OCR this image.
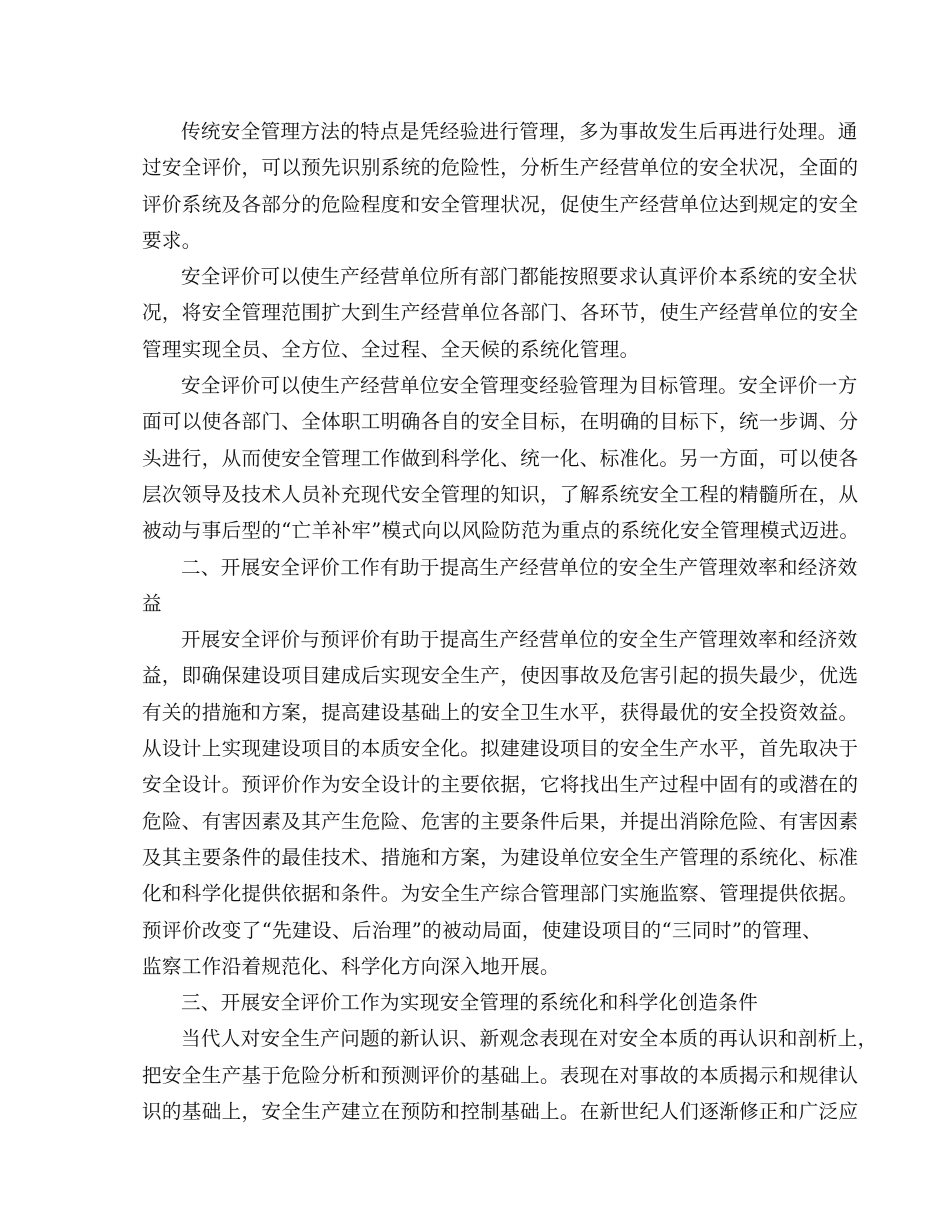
传统安全管理方法的特点是凭经验进行管理，多为事故发生后再进行处理。通
过安全评价，可以预先识别系统的危险性，分析生产经营单位的安全状况，全面的
评价系统及各部分的危险程度和安全管理状况，促使生产经营单位达到规定的安全
要求。
安全评价可以使生产经营单位所有部门都能按照要求认真评价本系统的安全状
况，将安全管理范围扩大到生产经营单位各部门、各环节，使生产经营单位的安全
管理实现全员、全方位、全过程、全天候的系统化管理。
安全评价可以使生产经营单位安全管理变经验管理为目标管理。安全评价一方
面可以使各部门、全体职工明确各自的安全目标，在明确的目标下，统一步调、分
头进行，从而使安全管理工作做到科学化、统一化、标准化。另一方面，可以使各
层次领导及技术人员补充现代安全管理的知识，了解系统安全工程的精髓所在，从
被动与事后型的“亡羊补牢”模式向以风险防范为重点的系统化安全管理模式迈进。
二、开展安全评价工作有助于提高生产经营单位的安全生产管理效率和经济效
益
开展安全评价与预评价有助于提高生产经营单位的安全生产管理效率和经济效
益，即确保建设项目建成后实现安全生产，使因事故及危害引起的损失最少，优选
有关的措施和方案，提高建设基础上的安全卫生水平，获得最优的安全投资效益。
从设计上实现建设项目的本质安全化。拟建建设项目的安全生产水平，首先取决于
安全设计。预评价作为安全设计的主要依据，它将找出生产过程中固有的或潜在的
危险、有害因素及其产生危险、危害的主要条件后果，并提出消除危险、有害因素
及其主要条件的最佳技术、措施和方案，为建设单位安全生产管理的系统化、标准
化和科学化提供依据和条件。为安全生产综合管理部门实施监察、管理提供依据。
预评价改变了“先建设、后治理”的被动局面，使建设项目的“三同时”的管理、
监察工作沿着规范化、科学化方向深入地开展。
三、开展安全评价工作为实现安全管理的系统化和科学化创造条件
当代人对安全生产问题的新认识、新观念表现在对安全本质的再认识和剖析上，
把安全生产基于危险分析和预测评价的基础上。表现在对事故的本质揭示和规律认
识的基础上，安全生产建立在预防和控制基础上。在新世纪人们逐渐修正和广泛应
